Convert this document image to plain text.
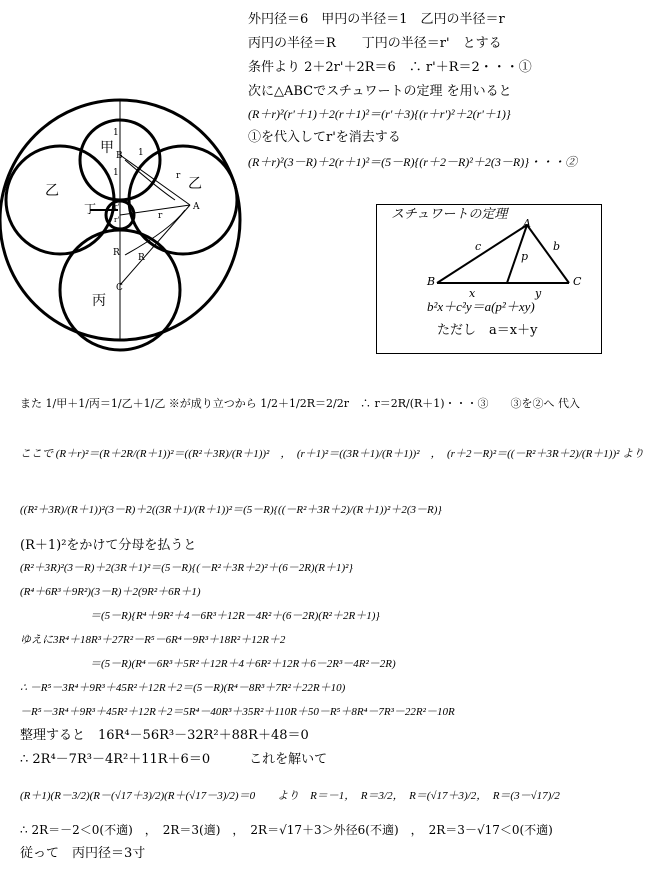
甲
乙	乙
丁
丙
1
1
1	r
r
r'
r'
R R
B
A
C
外円径＝6　甲円の半径＝1　乙円の半径＝r
丙円の半径＝R　　丁円の半径＝r'　とする
条件より 2＋2r'＋2R＝6　∴ r'＋R＝2・・・①
次に△ABCでスチュワートの定理 を用いると
(R＋r)²(r'＋1)＋2(r＋1)²＝(r'＋3){(r＋r')²＋2(r'＋1)}
①を代入してr'を消去する
(R＋r)²(3－R)＋2(r＋1)²＝(5－R){(r＋2－R)²＋2(3－R)}・・・②
スチュワートの定理
A
B	C
c	b
p
x	y
b²x＋c²y＝a(p²＋xy)
ただし　a＝x＋y
また 1/甲＋1/丙＝1/乙＋1/乙 ※が成り立つから 1/2＋1/2R＝2/2r　∴ r＝2R/(R＋1)・・・③　　③を②へ 代入
ここで (R＋r)²＝(R＋2R/(R＋1))²＝((R²＋3R)/(R＋1))²　，　(r＋1)²＝((3R＋1)/(R＋1))²　，　(r＋2－R)²＝((－R²＋3R＋2)/(R＋1))² より
((R²＋3R)/(R＋1))²(3－R)＋2((3R＋1)/(R＋1))²＝(5－R){((－R²＋3R＋2)/(R＋1))²＋2(3－R)}
(R＋1)²をかけて分母を払うと
(R²＋3R)²(3－R)＋2(3R＋1)²＝(5－R){(－R²＋3R＋2)²＋(6－2R)(R＋1)²}
(R⁴＋6R³＋9R²)(3－R)＋2(9R²＋6R＋1)
＝(5－R){R⁴＋9R²＋4－6R³＋12R－4R²＋(6－2R)(R²＋2R＋1)}
ゆえに3R⁴＋18R³＋27R²－R⁵－6R⁴－9R³＋18R²＋12R＋2
＝(5－R)(R⁴－6R³＋5R²＋12R＋4＋6R²＋12R＋6－2R³－4R²－2R)
∴ －R⁵－3R⁴＋9R³＋45R²＋12R＋2＝(5－R)(R⁴－8R³＋7R²＋22R＋10)
－R⁵－3R⁴＋9R³＋45R²＋12R＋2＝5R⁴－40R³＋35R²＋110R＋50－R⁵＋8R⁴－7R³－22R²－10R
整理すると　16R⁴－56R³－32R²＋88R＋48＝0
∴ 2R⁴－7R³－4R²＋11R＋6＝0　　　これを解いて
(R＋1)(R－3/2)(R－(√17＋3)/2)(R＋(√17－3)/2)＝0　　より　R＝－1，　R＝3/2，　R＝(√17＋3)/2，　R＝(3－√17)/2
∴ 2R＝－2＜0(不適)　，　2R＝3(適)　，　2R＝√17＋3＞外径6(不適)　，　2R＝3－√17＜0(不適)
従って　丙円径＝3寸
